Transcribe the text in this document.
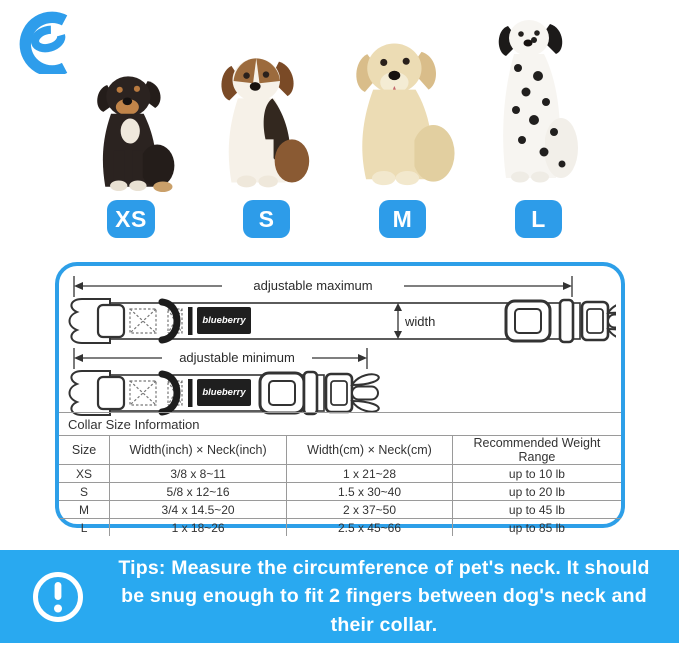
XS	S	M	L
adjustable maximum
blueberry	width
adjustable minimum
blueberry
Collar Size Information
Size	Width(inch) × Neck(inch)	Width(cm) × Neck(cm)	Recommended Weight Range
XS	3/8 x 8~11	1 x 21~28	up to 10 lb
S	5/8 x 12~16	1.5 x 30~40	up to 20 lb
M	3/4 x 14.5~20	2 x 37~50	up to 45 lb
L	1 x 18~26	2.5 x 45~66	up to 85 lb
Tips: Measure the circumference of pet's neck. It should be snug enough to fit 2 fingers between dog's neck and their collar.
